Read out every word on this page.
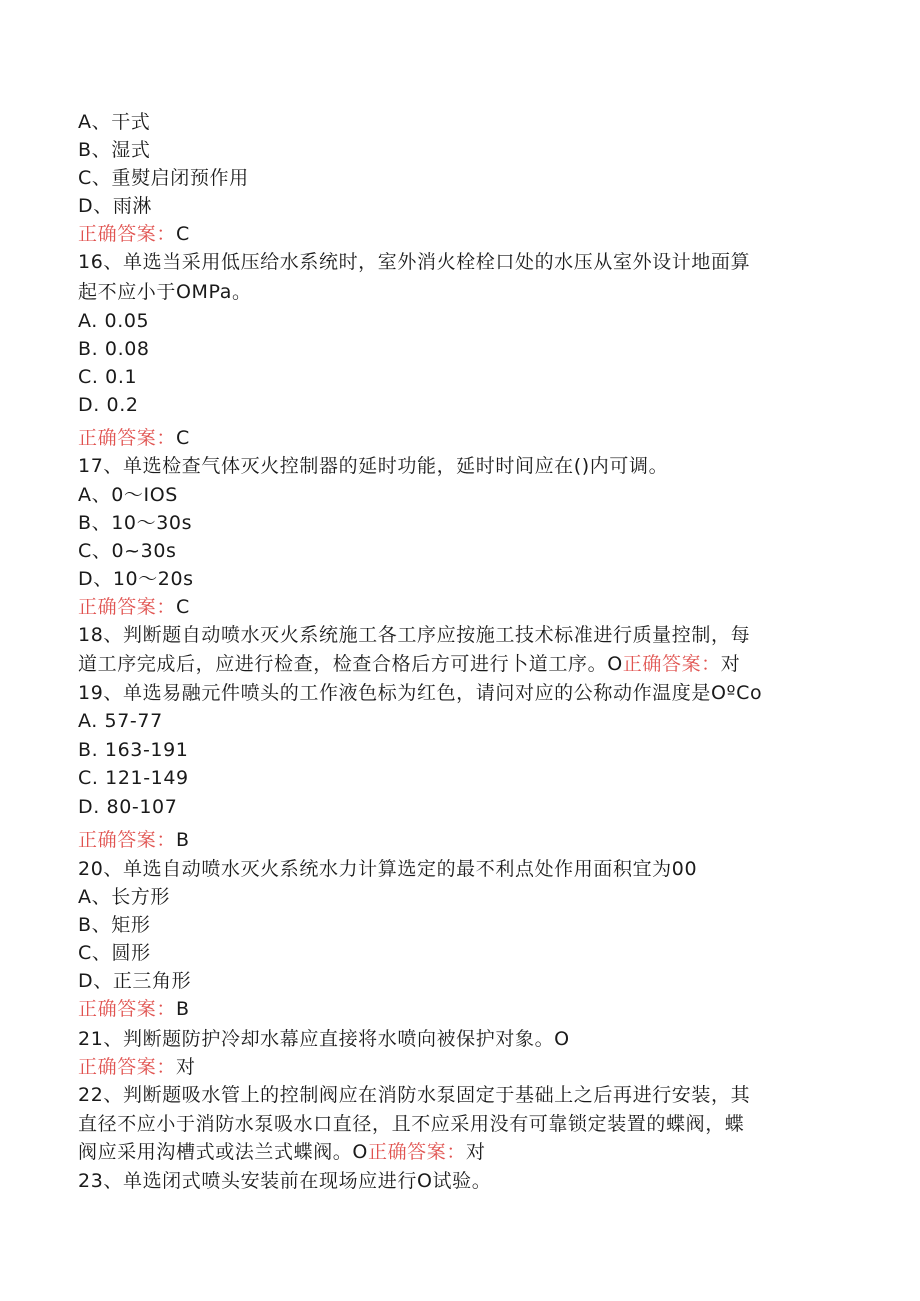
A、干式
B、湿式
C、重熨启闭预作用
D、雨淋
正确答案：C
16、单选当采用低压给水系统时，室外消火栓栓口处的水压从室外设计地面算
起不应小于OMPa。
A. 0.05
B. 0.08
C. 0.1
D. 0.2
正确答案：C
17、单选检查气体灭火控制器的延时功能，延时时间应在()内可调。
A、0～IOS
B、10～30s
C、0~30s
D、10～20s
正确答案：C
18、判断题自动喷水灭火系统施工各工序应按施工技术标准进行质量控制，每
道工序完成后，应进行检查，检查合格后方可进行卜道工序。O正确答案：对
19、单选易融元件喷头的工作液色标为红色，请问对应的公称动作温度是OºCo
A. 57-77
B. 163-191
C. 121-149
D. 80-107
正确答案：B
20、单选自动喷水灭火系统水力计算选定的最不利点处作用面积宜为00
A、长方形
B、矩形
C、圆形
D、正三角形
正确答案：B
21、判断题防护冷却水幕应直接将水喷向被保护对象。O
正确答案：对
22、判断题吸水管上的控制阀应在消防水泵固定于基础上之后再进行安装，其
直径不应小于消防水泵吸水口直径，且不应采用没有可靠锁定装置的蝶阀，蝶
阀应采用沟槽式或法兰式蝶阀。O正确答案：对
23、单选闭式喷头安装前在现场应进行O试验。
